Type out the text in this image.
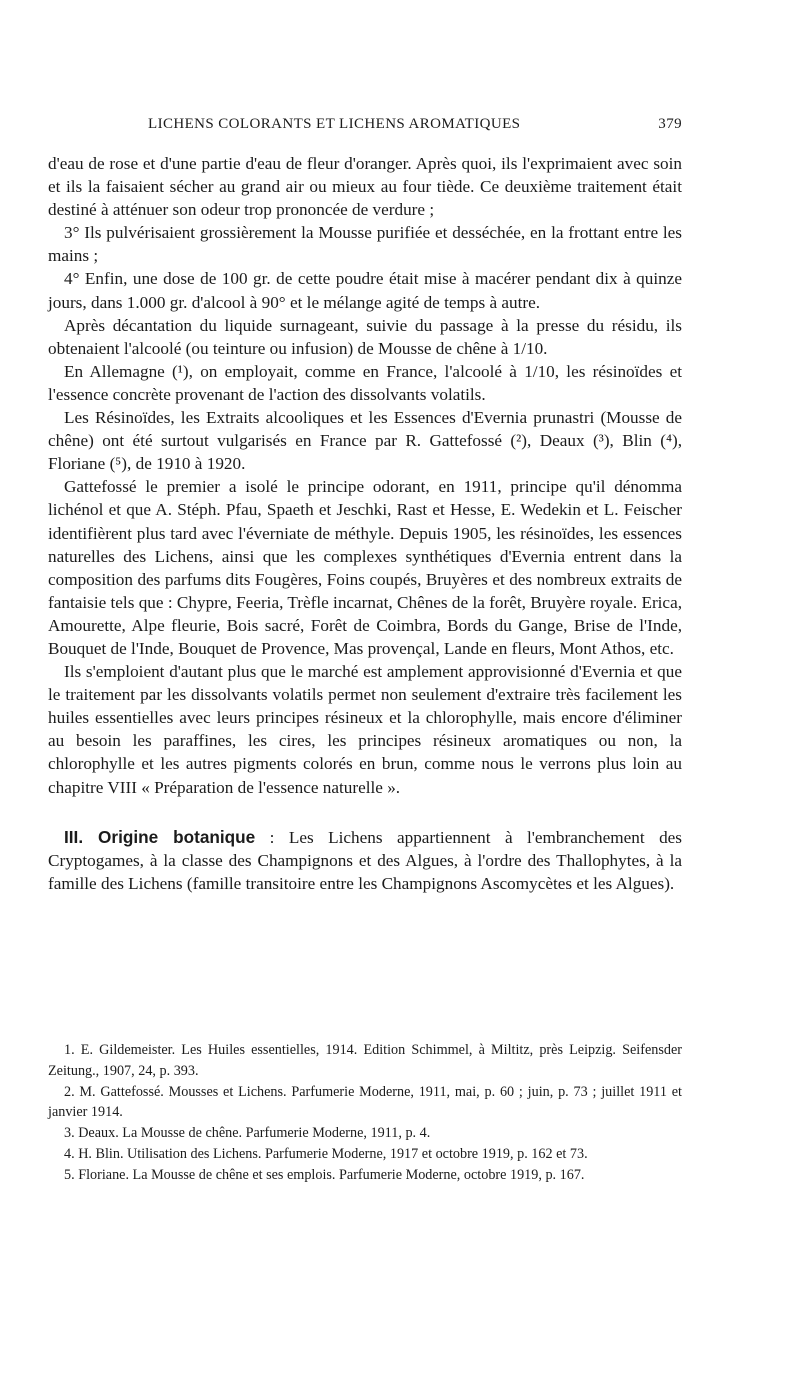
LICHENS COLORANTS ET LICHENS AROMATIQUES	379

d'eau de rose et d'une partie d'eau de fleur d'oranger. Après quoi, ils l'exprimaient avec soin et ils la faisaient sécher au grand air ou mieux au four tiède. Ce deuxième traitement était destiné à atténuer son odeur trop prononcée de verdure ;

3° Ils pulvérisaient grossièrement la Mousse purifiée et desséchée, en la frottant entre les mains ;

4° Enfin, une dose de 100 gr. de cette poudre était mise à macérer pendant dix à quinze jours, dans 1.000 gr. d'alcool à 90° et le mélange agité de temps à autre.

Après décantation du liquide surnageant, suivie du passage à la presse du résidu, ils obtenaient l'alcoolé (ou teinture ou infusion) de Mousse de chêne à 1/10.

En Allemagne (¹), on employait, comme en France, l'alcoolé à 1/10, les résinoïdes et l'essence concrète provenant de l'action des dissolvants volatils.

Les Résinoïdes, les Extraits alcooliques et les Essences d'Evernia prunastri (Mousse de chêne) ont été surtout vulgarisés en France par R. Gattefossé (²), Deaux (³), Blin (⁴), Floriane (⁵), de 1910 à 1920.

Gattefossé le premier a isolé le principe odorant, en 1911, principe qu'il dénomma lichénol et que A. Stéph. Pfau, Spaeth et Jeschki, Rast et Hesse, E. Wedekin et L. Feischer identifièrent plus tard avec l'éverniate de méthyle. Depuis 1905, les résinoïdes, les essences naturelles des Lichens, ainsi que les complexes synthétiques d'Evernia entrent dans la composition des parfums dits Fougères, Foins coupés, Bruyères et des nombreux extraits de fantaisie tels que : Chypre, Feeria, Trèfle incarnat, Chênes de la forêt, Bruyère royale. Erica, Amourette, Alpe fleurie, Bois sacré, Forêt de Coimbra, Bords du Gange, Brise de l'Inde, Bouquet de l'Inde, Bouquet de Provence, Mas provençal, Lande en fleurs, Mont Athos, etc.

Ils s'emploient d'autant plus que le marché est amplement approvisionné d'Evernia et que le traitement par les dissolvants volatils permet non seulement d'extraire très facilement les huiles essentielles avec leurs principes résineux et la chlorophylle, mais encore d'éliminer au besoin les paraffines, les cires, les principes résineux aromatiques ou non, la chlorophylle et les autres pigments colorés en brun, comme nous le verrons plus loin au chapitre VIII « Préparation de l'essence naturelle ».

III. Origine botanique : Les Lichens appartiennent à l'embranchement des Cryptogames, à la classe des Champignons et des Algues, à l'ordre des Thallophytes, à la famille des Lichens (famille transitoire entre les Champignons Ascomycètes et les Algues).

1. E. Gildemeister. Les Huiles essentielles, 1914. Edition Schimmel, à Miltitz, près Leipzig. Seifensder Zeitung., 1907, 24, p. 393.

2. M. Gattefossé. Mousses et Lichens. Parfumerie Moderne, 1911, mai, p. 60 ; juin, p. 73 ; juillet 1911 et janvier 1914.

3. Deaux. La Mousse de chêne. Parfumerie Moderne, 1911, p. 4.

4. H. Blin. Utilisation des Lichens. Parfumerie Moderne, 1917 et octobre 1919, p. 162 et 73.

5. Floriane. La Mousse de chêne et ses emplois. Parfumerie Moderne, octobre 1919, p. 167.
